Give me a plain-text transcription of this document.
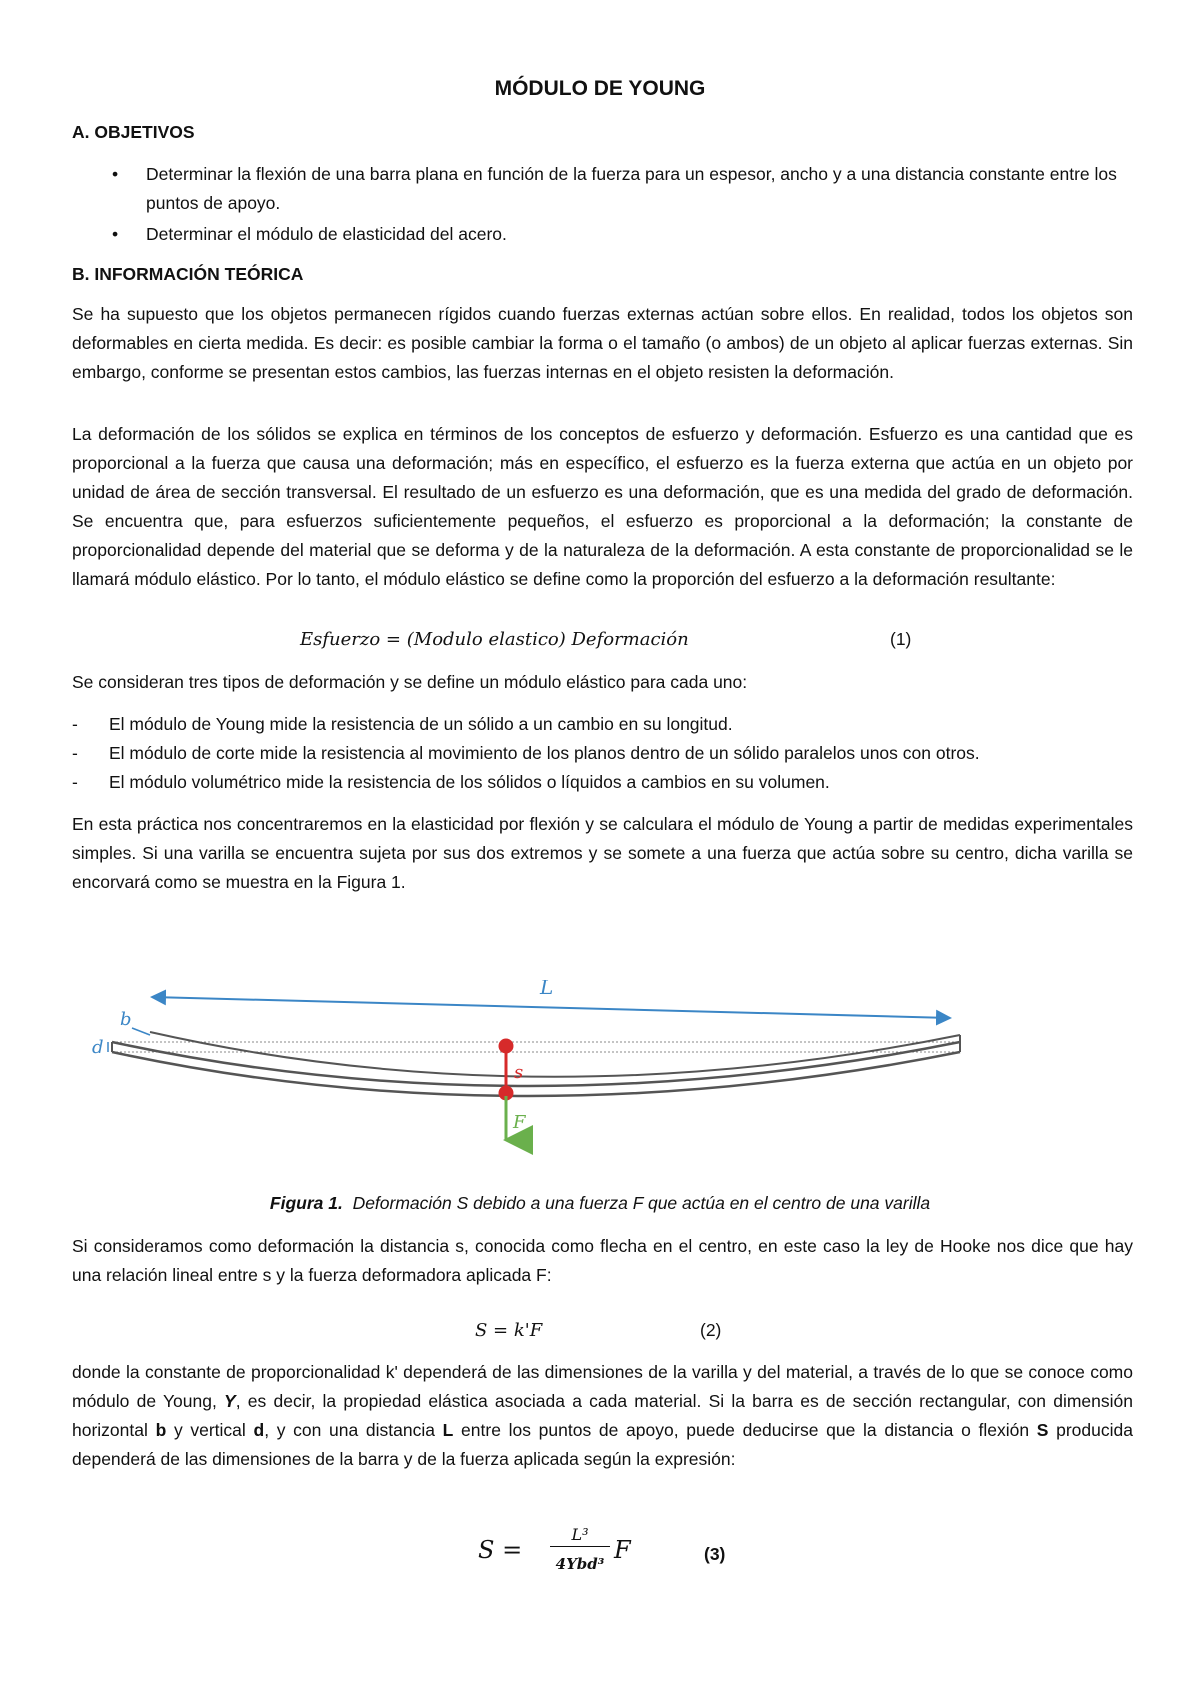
MÓDULO DE YOUNG
A. OBJETIVOS
• Determinar la flexión de una barra plana en función de la fuerza para un espesor, ancho y a una distancia constante entre los puntos de apoyo.
• Determinar el módulo de elasticidad del acero.
B. INFORMACIÓN TEÓRICA
Se ha supuesto que los objetos permanecen rígidos cuando fuerzas externas actúan sobre ellos. En realidad, todos los objetos son deformables en cierta medida. Es decir: es posible cambiar la forma o el tamaño (o ambos) de un objeto al aplicar fuerzas externas. Sin embargo, conforme se presentan estos cambios, las fuerzas internas en el objeto resisten la deformación.
La deformación de los sólidos se explica en términos de los conceptos de esfuerzo y deformación. Esfuerzo es una cantidad que es proporcional a la fuerza que causa una deformación; más en específico, el esfuerzo es la fuerza externa que actúa en un objeto por unidad de área de sección transversal. El resultado de un esfuerzo es una deformación, que es una medida del grado de deformación. Se encuentra que, para esfuerzos suficientemente pequeños, el esfuerzo es proporcional a la deformación; la constante de proporcionalidad depende del material que se deforma y de la naturaleza de la deformación. A esta constante de proporcionalidad se le llamará módulo elástico. Por lo tanto, el módulo elástico se define como la proporción del esfuerzo a la deformación resultante:
Esfuerzo = (Modulo elastico) Deformación	(1)
Se consideran tres tipos de deformación y se define un módulo elástico para cada uno:
- El módulo de Young mide la resistencia de un sólido a un cambio en su longitud.
- El módulo de corte mide la resistencia al movimiento de los planos dentro de un sólido paralelos unos con otros.
- El módulo volumétrico mide la resistencia de los sólidos o líquidos a cambios en su volumen.
En esta práctica nos concentraremos en la elasticidad por flexión y se calculara el módulo de Young a partir de medidas experimentales simples. Si una varilla se encuentra sujeta por sus dos extremos y se somete a una fuerza que actúa sobre su centro, dicha varilla se encorvará como se muestra en la Figura 1.
L
b
d
s
F
Figura 1. Deformación S debido a una fuerza F que actúa en el centro de una varilla
Si consideramos como deformación la distancia s, conocida como flecha en el centro, en este caso la ley de Hooke nos dice que hay una relación lineal entre s y la fuerza deformadora aplicada F:
S = k'F	(2)
donde la constante de proporcionalidad k' dependerá de las dimensiones de la varilla y del material, a través de lo que se conoce como módulo de Young, Y, es decir, la propiedad elástica asociada a cada material. Si la barra es de sección rectangular, con dimensión horizontal b y vertical d, y con una distancia L entre los puntos de apoyo, puede deducirse que la distancia o flexión S producida dependerá de las dimensiones de la barra y de la fuerza aplicada según la expresión:
S =
L³
4Ybd³ F	(3)
